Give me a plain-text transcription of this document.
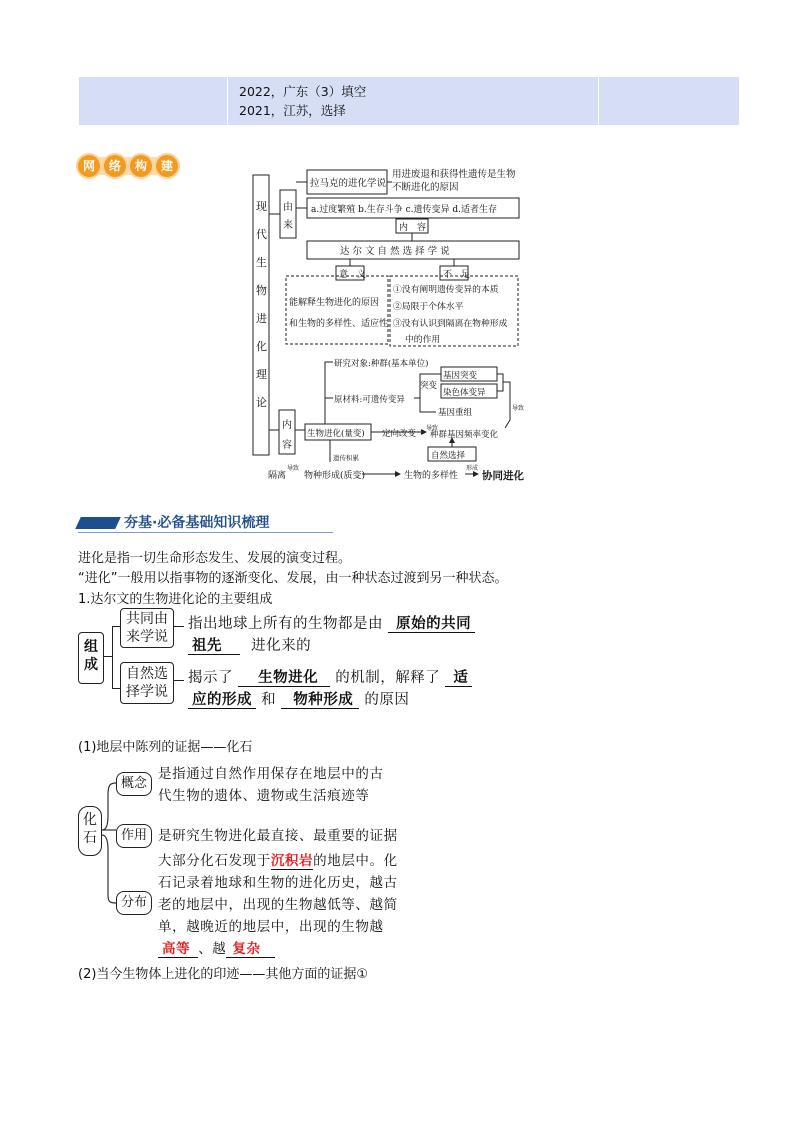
2022，广东（3）填空
2021，江苏，选择

网	络	构	建
现
代
生
物
进
化
理
论
由
来
拉马克的进化学说
用进废退和获得性遗传是生物
不断进化的原因
a.过度繁殖 b.生存斗争 c.遗传变异 d.适者生存
内　容
达 尔 文 自 然 选 择 学 说
意　义	不　足
能解释生物进化的原因
和生物的多样性、适应性
①没有阐明遗传变异的本质
②局限于个体水平
③没有认识到隔离在物种形成
中的作用
内
容
研究对象:种群(基本单位)
原材料:可遗传变异
突变
基因突变
染色体变异
基因重组	导致
生物进化(量变) 定向改变
导致
种群基因频率变化
自然选择
遗传积累
隔离
导致
物种形成(质变)	生物的多样性
形成
协同进化
夯基·必备基础知识梳理
进化是指一切生命形态发生、发展的演变过程。
“进化”一般用以指事物的逐渐变化、发展，由一种状态过渡到另一种状态。
1.达尔文的生物进化论的主要组成
组
成
共同由
来学说
指出地球上所有的生物都是由 原始的共同
祖先 进化来的
自然选
择学说
揭示了 生物进化 的机制，解释了 适
应的形成 和 物种形成 的原因
(1)地层中陈列的证据——化石
化
石
概念
作用
分布
是指通过自然作用保存在地层中的古
代生物的遗体、遗物或生活痕迹等
是研究生物进化最直接、最重要的证据
大部分化石发现于沉积岩的地层中。化
石记录着地球和生物的进化历史，越古
老的地层中，出现的生物越低等、越简
单，越晚近的地层中，出现的生物越
高等 、越 复杂
(2)当今生物体上进化的印迹——其他方面的证据①
